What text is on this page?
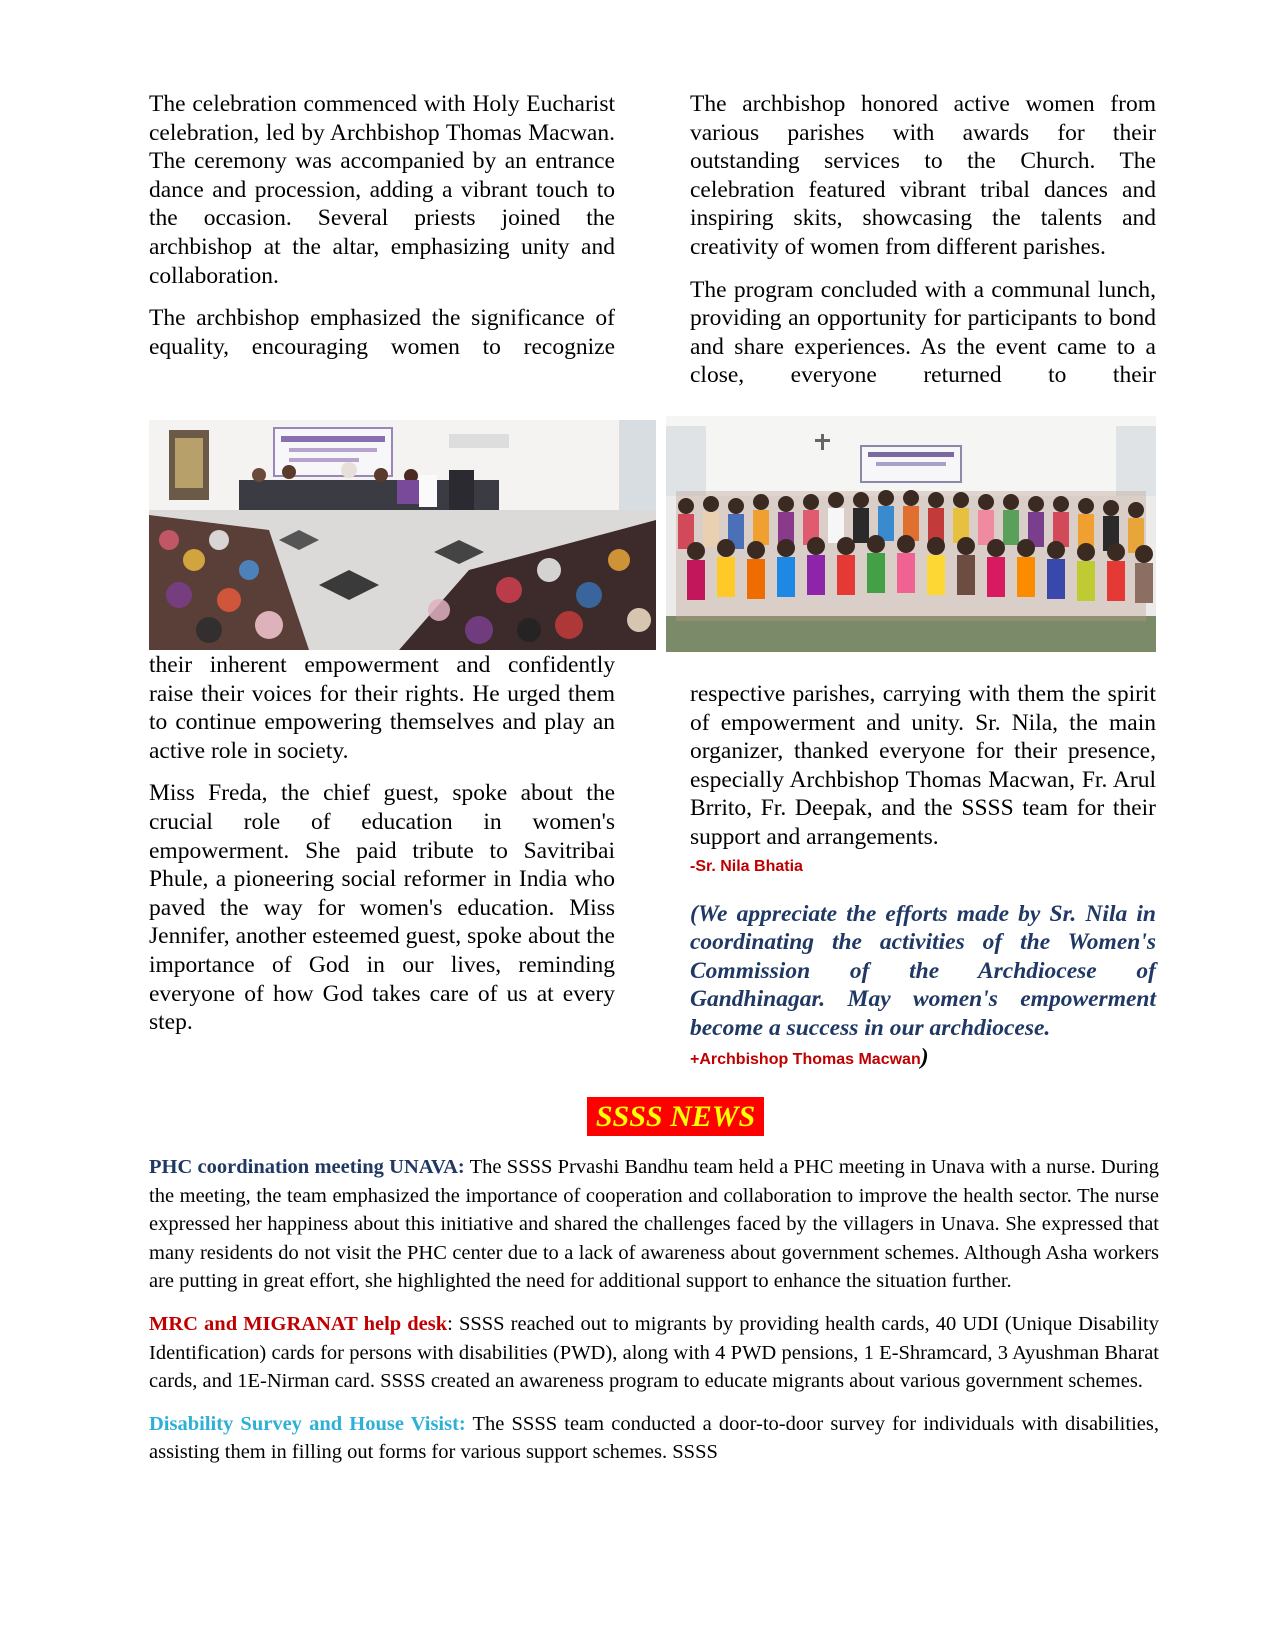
The celebration commenced with Holy Eucharist celebration, led by Archbishop Thomas Macwan. The ceremony was accompanied by an entrance dance and procession, adding a vibrant touch to the occasion. Several priests joined the archbishop at the altar, emphasizing unity and collaboration.

The archbishop emphasized the significance of equality, encouraging women to recognize

The archbishop honored active women from various parishes with awards for their outstanding services to the Church. The celebration featured vibrant tribal dances and inspiring skits, showcasing the talents and creativity of women from different parishes.

The program concluded with a communal lunch, providing an opportunity for participants to bond and share experiences. As the event came to a close, everyone returned to their

their inherent empowerment and confidently raise their voices for their rights. He urged them to continue empowering themselves and play an active role in society.

Miss Freda, the chief guest, spoke about the crucial role of education in women's empowerment. She paid tribute to Savitribai Phule, a pioneering social reformer in India who paved the way for women's education. Miss Jennifer, another esteemed guest, spoke about the importance of God in our lives, reminding everyone of how God takes care of us at every step.

respective parishes, carrying with them the spirit of empowerment and unity. Sr. Nila, the main organizer, thanked everyone for their presence, especially Archbishop Thomas Macwan, Fr. Arul Brrito, Fr. Deepak, and the SSSS team for their support and arrangements.

-Sr. Nila Bhatia

(We appreciate the efforts made by Sr. Nila in coordinating the activities of the Women's Commission of the Archdiocese of Gandhinagar. May women's empowerment become a success in our archdiocese.
+Archbishop Thomas Macwan)
SSSS NEWS

PHC coordination meeting UNAVA: The SSSS Prvashi Bandhu team held a PHC meeting in Unava with a nurse. During the meeting, the team emphasized the importance of cooperation and collaboration to improve the health sector. The nurse expressed her happiness about this initiative and shared the challenges faced by the villagers in Unava. She expressed that many residents do not visit the PHC center due to a lack of awareness about government schemes. Although Asha workers are putting in great effort, she highlighted the need for additional support to enhance the situation further.

MRC and MIGRANAT help desk: SSSS reached out to migrants by providing health cards, 40 UDI (Unique Disability Identification) cards for persons with disabilities (PWD), along with 4 PWD pensions, 1 E-Shramcard, 3 Ayushman Bharat cards, and 1E-Nirman card. SSSS created an awareness program to educate migrants about various government schemes.

Disability Survey and House Visist: The SSSS team conducted a door-to-door survey for individuals with disabilities, assisting them in filling out forms for various support schemes. SSSS
